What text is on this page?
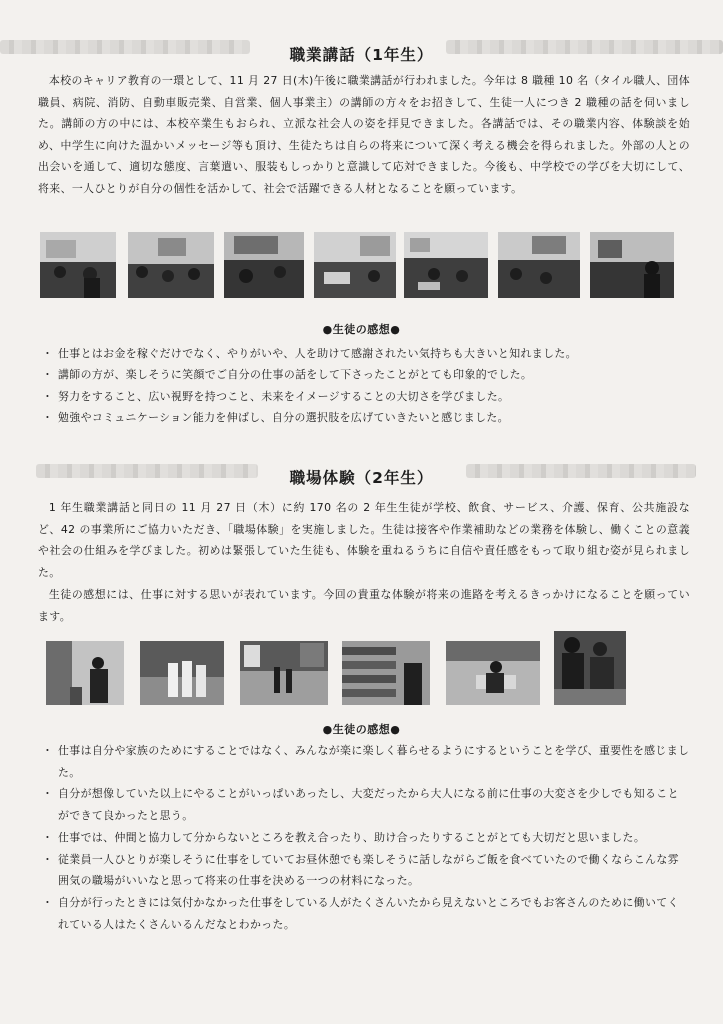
職業講話（1年生）

本校のキャリア教育の一環として、11 月 27 日(木)午後に職業講話が行われました。今年は 8 職種 10 名（タイル職人、団体職員、病院、消防、自動車販売業、自営業、個人事業主）の講師の方々をお招きして、生徒一人につき 2 職種の話を伺いました。講師の方の中には、本校卒業生もおられ、立派な社会人の姿を拝見できました。各講話では、その職業内容、体験談を始め、中学生に向けた温かいメッセージ等も頂け、生徒たちは自らの将来について深く考える機会を得られました。外部の人との出会いを通して、適切な態度、言葉遣い、服装もしっかりと意識して応対できました。今後も、中学校での学びを大切にして、将来、一人ひとりが自分の個性を活かして、社会で活躍できる人材となることを願っています。

●生徒の感想●
・ 仕事とはお金を稼ぐだけでなく、やりがいや、人を助けて感謝されたい気持ちも大きいと知れました。
・ 講師の方が、楽しそうに笑顔でご自分の仕事の話をして下さったことがとても印象的でした。
・ 努力をすること、広い視野を持つこと、未来をイメージすることの大切さを学びました。
・ 勉強やコミュニケーション能力を伸ばし、自分の選択肢を広げていきたいと感じました。
職場体験（2年生）

1 年生職業講話と同日の 11 月 27 日（木）に約 170 名の 2 年生生徒が学校、飲食、サービス、介護、保育、公共施設など、42 の事業所にご協力いただき、「職場体験」を実施しました。生徒は接客や作業補助などの業務を体験し、働くことの意義や社会の仕組みを学びました。初めは緊張していた生徒も、体験を重ねるうちに自信や責任感をもって取り組む姿が見られました。

生徒の感想には、仕事に対する思いが表れています。今回の貴重な体験が将来の進路を考えるきっかけになることを願っています。

●生徒の感想●
・ 仕事は自分や家族のためにすることではなく、みんなが楽に楽しく暮らせるようにするということを学び、重要性を感じました。
・ 自分が想像していた以上にやることがいっぱいあったし、大変だったから大人になる前に仕事の大変さを少しでも知ることができて良かったと思う。
・ 仕事では、仲間と協力して分からないところを教え合ったり、助け合ったりすることがとても大切だと思いました。
・ 従業員一人ひとりが楽しそうに仕事をしていてお昼休憩でも楽しそうに話しながらご飯を食べていたので働くならこんな雰囲気の職場がいいなと思って将来の仕事を決める一つの材料になった。
・ 自分が行ったときには気付かなかった仕事をしている人がたくさんいたから見えないところでもお客さんのために働いてくれている人はたくさんいるんだなとわかった。
